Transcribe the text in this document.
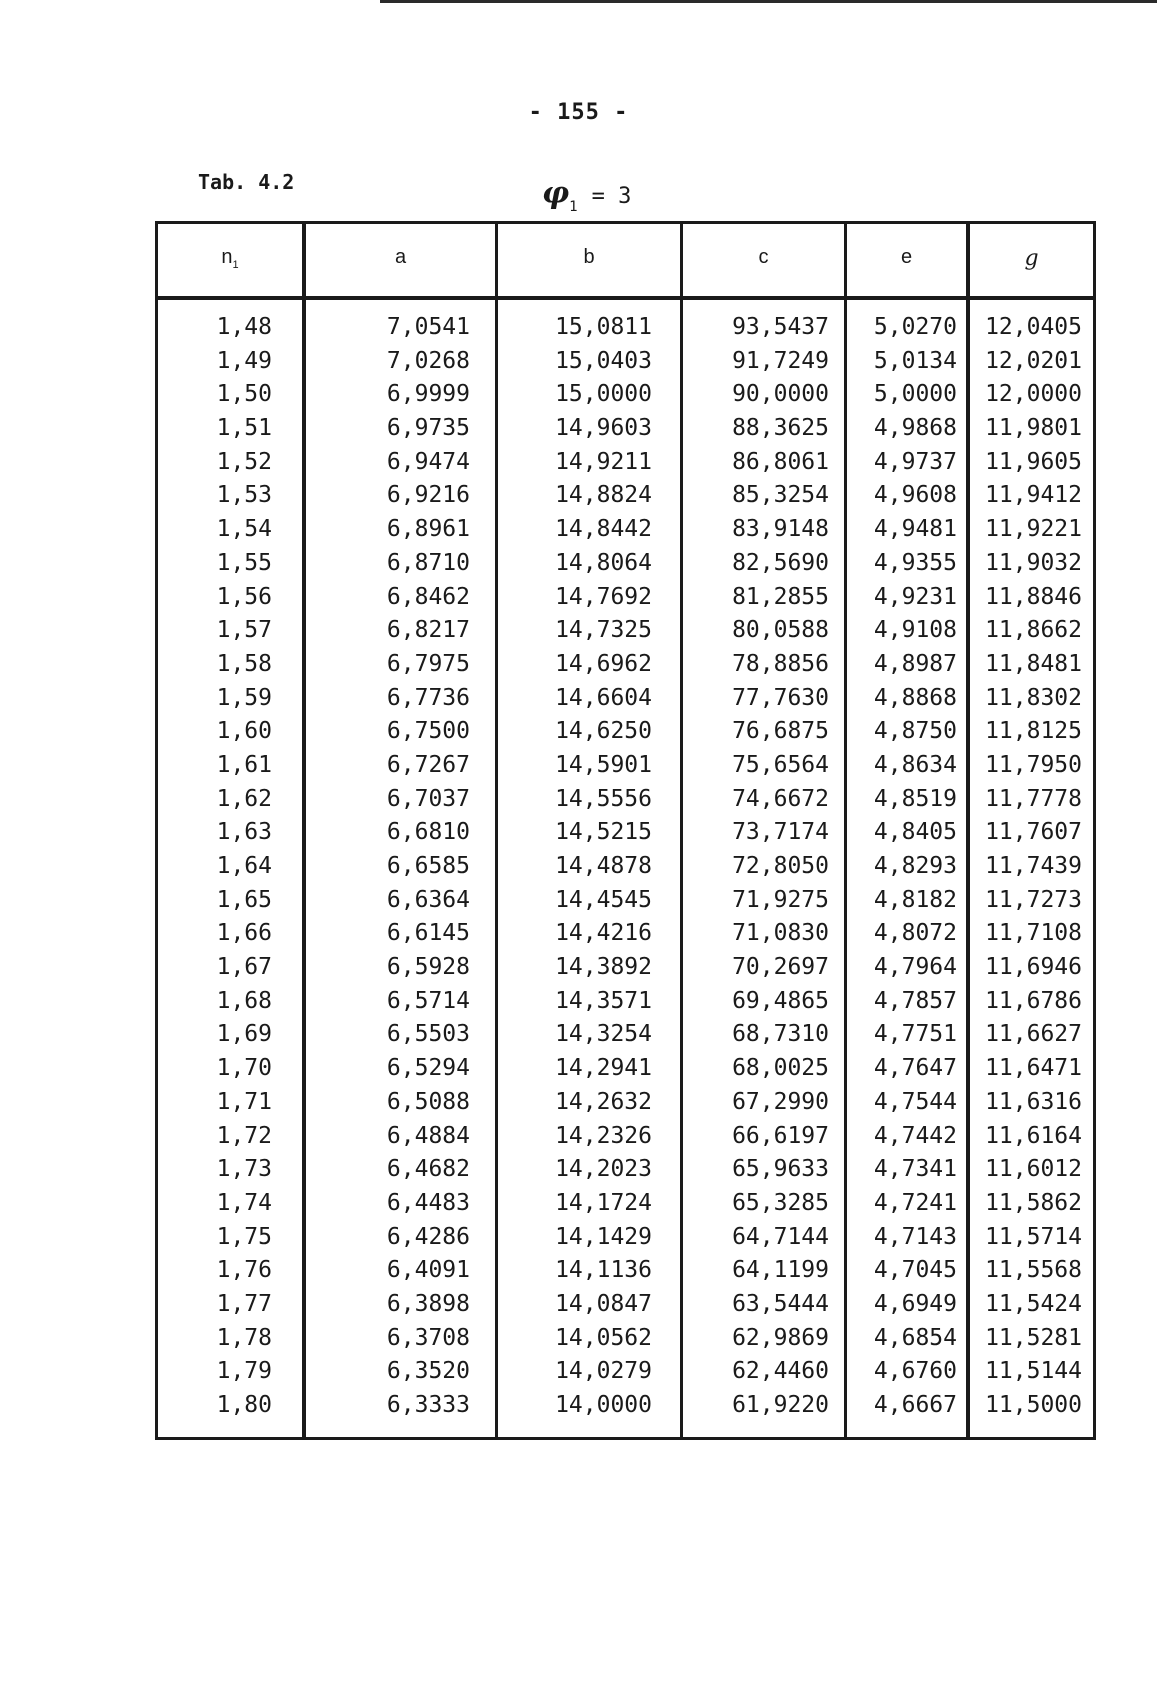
- 155 -
Tab. 4.2	$\varphi_1 = 3$
$n_1$	a	b	c	e	g
1,48	7,0541	15,0811	93,5437	5,0270	12,0405
1,49	7,0268	15,0403	91,7249	5,0134	12,0201
1,50	6,9999	15,0000	90,0000	5,0000	12,0000
1,51	6,9735	14,9603	88,3625	4,9868	11,9801
1,52	6,9474	14,9211	86,8061	4,9737	11,9605
1,53	6,9216	14,8824	85,3254	4,9608	11,9412
1,54	6,8961	14,8442	83,9148	4,9481	11,9221
1,55	6,8710	14,8064	82,5690	4,9355	11,9032
1,56	6,8462	14,7692	81,2855	4,9231	11,8846
1,57	6,8217	14,7325	80,0588	4,9108	11,8662
1,58	6,7975	14,6962	78,8856	4,8987	11,8481
1,59	6,7736	14,6604	77,7630	4,8868	11,8302
1,60	6,7500	14,6250	76,6875	4,8750	11,8125
1,61	6,7267	14,5901	75,6564	4,8634	11,7950
1,62	6,7037	14,5556	74,6672	4,8519	11,7778
1,63	6,6810	14,5215	73,7174	4,8405	11,7607
1,64	6,6585	14,4878	72,8050	4,8293	11,7439
1,65	6,6364	14,4545	71,9275	4,8182	11,7273
1,66	6,6145	14,4216	71,0830	4,8072	11,7108
1,67	6,5928	14,3892	70,2697	4,7964	11,6946
1,68	6,5714	14,3571	69,4865	4,7857	11,6786
1,69	6,5503	14,3254	68,7310	4,7751	11,6627
1,70	6,5294	14,2941	68,0025	4,7647	11,6471
1,71	6,5088	14,2632	67,2990	4,7544	11,6316
1,72	6,4884	14,2326	66,6197	4,7442	11,6164
1,73	6,4682	14,2023	65,9633	4,7341	11,6012
1,74	6,4483	14,1724	65,3285	4,7241	11,5862
1,75	6,4286	14,1429	64,7144	4,7143	11,5714
1,76	6,4091	14,1136	64,1199	4,7045	11,5568
1,77	6,3898	14,0847	63,5444	4,6949	11,5424
1,78	6,3708	14,0562	62,9869	4,6854	11,5281
1,79	6,3520	14,0279	62,4460	4,6760	11,5144
1,80	6,3333	14,0000	61,9220	4,6667	11,5000
